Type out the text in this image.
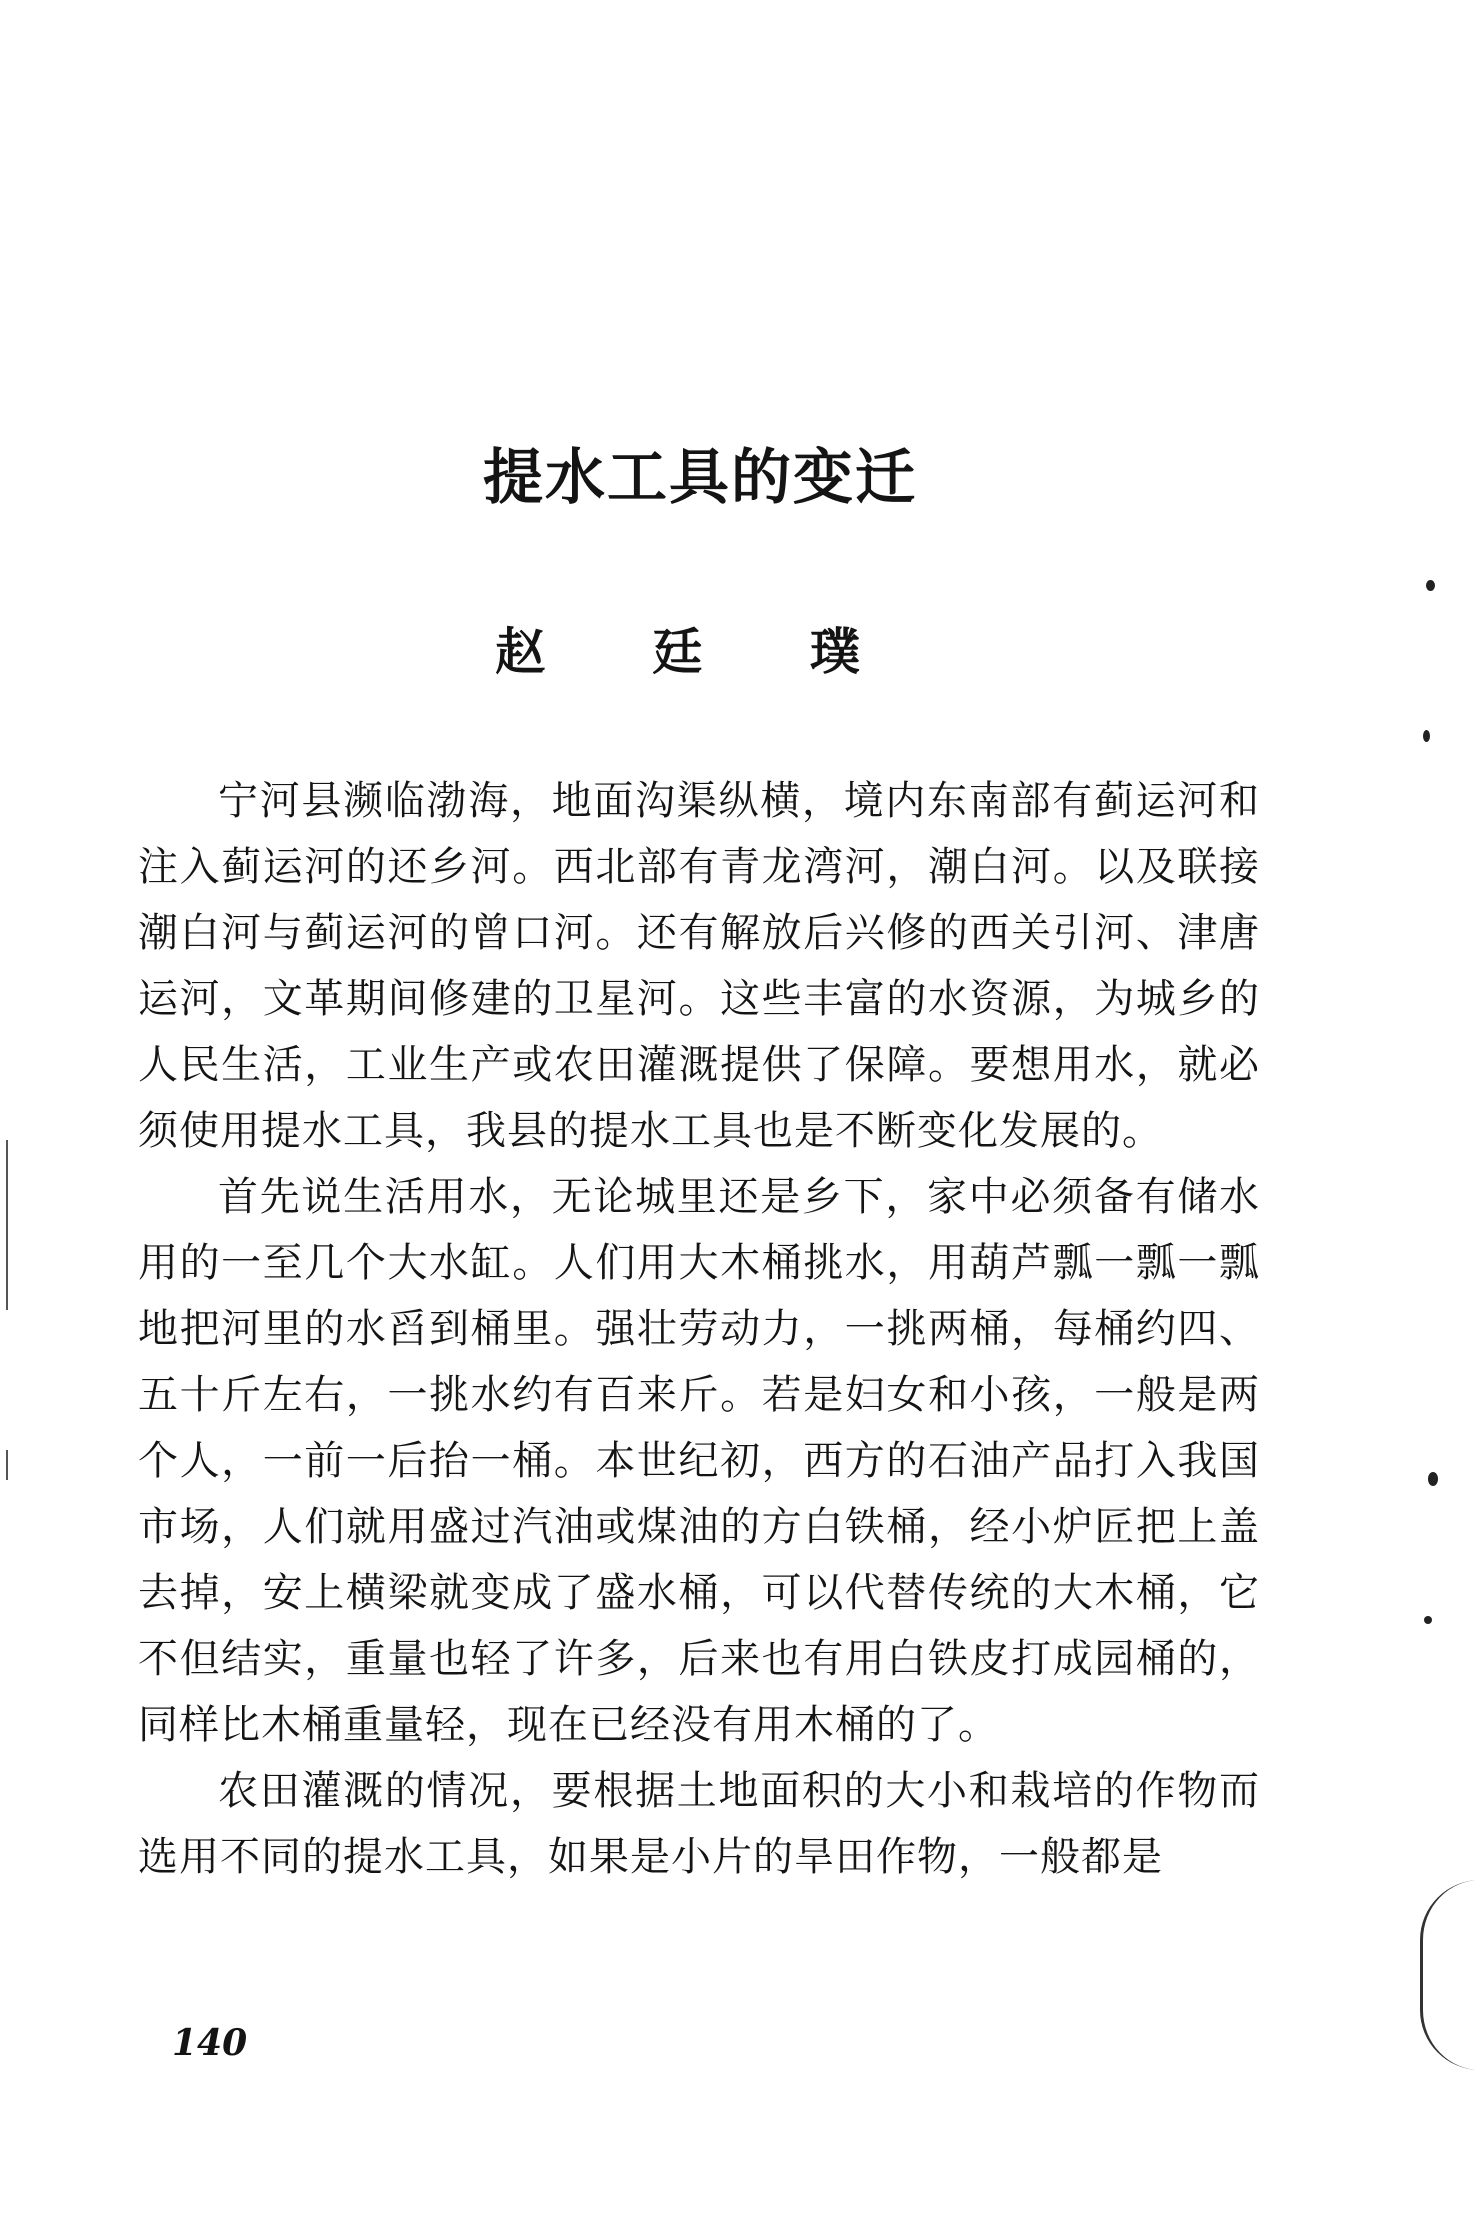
提水工具的变迁
赵 廷 璞

宁河县濒临渤海，地面沟渠纵横，境内东南部有蓟运河和注入蓟运河的还乡河。西北部有青龙湾河，潮白河。以及联接潮白河与蓟运河的曾口河。还有解放后兴修的西关引河、津唐运河，文革期间修建的卫星河。这些丰富的水资源，为城乡的人民生活，工业生产或农田灌溉提供了保障。要想用水，就必须使用提水工具，我县的提水工具也是不断变化发展的。

首先说生活用水，无论城里还是乡下，家中必须备有储水用的一至几个大水缸。人们用大木桶挑水，用葫芦瓢一瓢一瓢地把河里的水舀到桶里。强壮劳动力，一挑两桶，每桶约四、五十斤左右，一挑水约有百来斤。若是妇女和小孩，一般是两个人，一前一后抬一桶。本世纪初，西方的石油产品打入我国市场，人们就用盛过汽油或煤油的方白铁桶，经小炉匠把上盖去掉，安上横梁就变成了盛水桶，可以代替传统的大木桶，它不但结实，重量也轻了许多，后来也有用白铁皮打成园桶的，同样比木桶重量轻，现在已经没有用木桶的了。

农田灌溉的情况，要根据土地面积的大小和栽培的作物而选用不同的提水工具，如果是小片的旱田作物，一般都是

140
